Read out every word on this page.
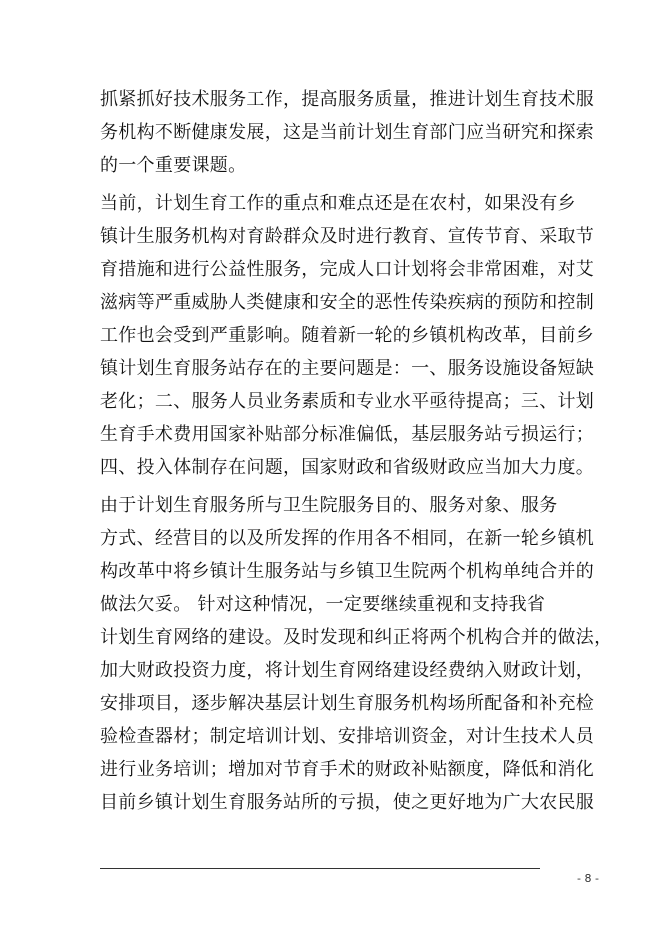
抓紧抓好技术服务工作，提高服务质量，推进计划生育技术服
务机构不断健康发展，这是当前计划生育部门应当研究和探索
的一个重要课题。
当前，计划生育工作的重点和难点还是在农村，如果没有乡
镇计生服务机构对育龄群众及时进行教育、宣传节育、采取节
育措施和进行公益性服务，完成人口计划将会非常困难，对艾
滋病等严重威胁人类健康和安全的恶性传染疾病的预防和控制
工作也会受到严重影响。随着新一轮的乡镇机构改革，目前乡
镇计划生育服务站存在的主要问题是：一、服务设施设备短缺
老化；二、服务人员业务素质和专业水平亟待提高；三、计划
生育手术费用国家补贴部分标准偏低，基层服务站亏损运行；
四、投入体制存在问题，国家财政和省级财政应当加大力度。
由于计划生育服务所与卫生院服务目的、服务对象、服务
方式、经营目的以及所发挥的作用各不相同，在新一轮乡镇机
构改革中将乡镇计生服务站与乡镇卫生院两个机构单纯合并的
做法欠妥。 针对这种情况，一定要继续重视和支持我省
计划生育网络的建设。及时发现和纠正将两个机构合并的做法，
加大财政投资力度，将计划生育网络建设经费纳入财政计划，
安排项目，逐步解决基层计划生育服务机构场所配备和补充检
验检查器材；制定培训计划、安排培训资金，对计生技术人员
进行业务培训；增加对节育手术的财政补贴额度，降低和消化
目前乡镇计划生育服务站所的亏损，使之更好地为广大农民服
- 8 -
